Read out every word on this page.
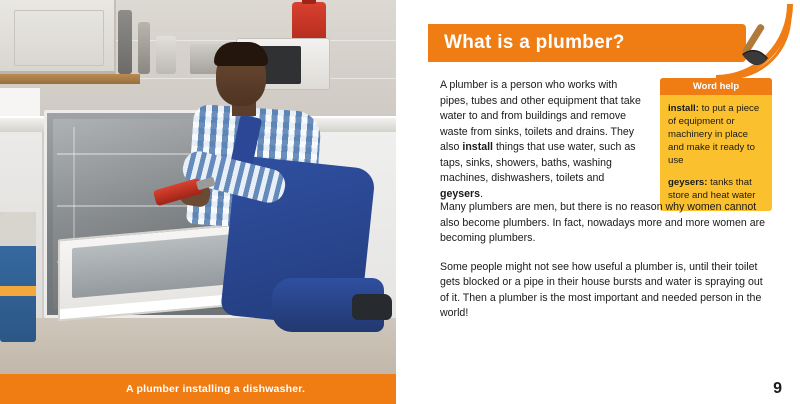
A plumber installing a dishwasher.
What is a plumber?

A plumber is a person who works with pipes, tubes and other equipment that take water to and from buildings and remove waste from sinks, toilets and drains. They also install things that use water, such as taps, sinks, showers, baths, washing machines, dishwashers, toilets and geysers.

Word help

install: to put a piece of equipment or machinery in place and make it ready to use

geysers: tanks that store and heat water

Many plumbers are men, but there is no reason why women cannot also become plumbers. In fact, nowadays more and more women are becoming plumbers.

Some people might not see how useful a plumber is, until their toilet gets blocked or a pipe in their house bursts and water is spraying out of it. Then a plumber is the most important and needed person in the world!

9
